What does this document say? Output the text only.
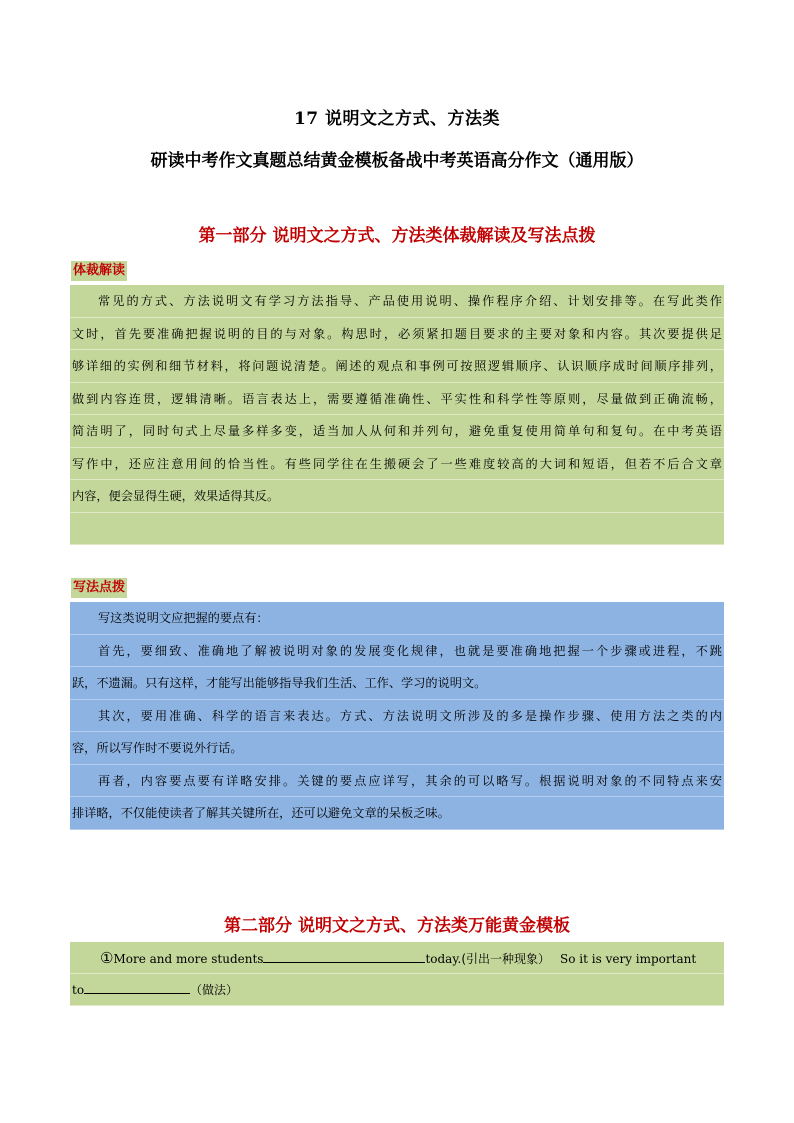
17 说明文之方式、方法类
研读中考作文真题总结黄金模板备战中考英语高分作文（通用版）
第一部分 说明文之方式、方法类体裁解读及写法点拨
体裁解读
常见的方式、方法说明文有学习方法指导、产品使用说明、操作程序介绍、计划安排等。在写此类作
文时，首先要准确把握说明的目的与对象。构思时，必须紧扣题目要求的主要对象和内容。其次要提供足
够详细的实例和细节材料，将问题说清楚。阐述的观点和事例可按照逻辑顺序、认识顺序成时间顺序排列，
做到内容连贯，逻辑清晰。语言表达上，需要遵循准确性、平实性和科学性等原则，尽量做到正确流畅，
简洁明了，同时句式上尽量多样多变，适当加人从何和并列句，避免重复使用简单句和复句。在中考英语
写作中，还应注意用间的恰当性。有些同学往在生搬硬会了一些难度较高的大词和短语，但若不后合文章
内容，便会显得生硬，效果适得其反。
写法点拨
写这类说明文应把握的要点有：
首先，要细致、准确地了解被说明对象的发展变化规律，也就是要准确地把握一个步骤或进程，不跳
跃，不遗漏。只有这样，才能写出能够指导我们生活、工作、学习的说明文。
其次，要用准确、科学的语言来表达。方式、方法说明文所涉及的多是操作步骤、使用方法之类的内
容，所以写作时不要说外行话。
再者，内容要点要有详略安排。关键的要点应详写，其余的可以略写。根据说明对象的不同特点来安
排详略，不仅能使读者了解其关键所在，还可以避免文章的呆板乏味。
第二部分 说明文之方式、方法类万能黄金模板
①More and more students	today.(引出一种现象） So it is very important
to	（做法）
